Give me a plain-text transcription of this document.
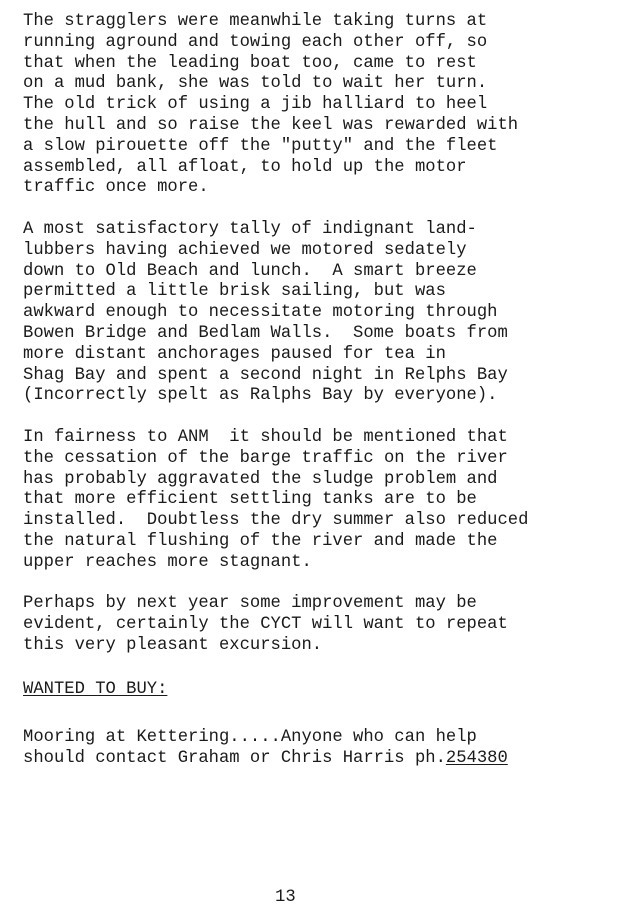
The stragglers were meanwhile taking turns at
running aground and towing each other off, so
that when the leading boat too, came to rest
on a mud bank, she was told to wait her turn.
The old trick of using a jib halliard to heel
the hull and so raise the keel was rewarded with
a slow pirouette off the "putty" and the fleet
assembled, all afloat, to hold up the motor
traffic once more.

A most satisfactory tally of indignant land-
lubbers having achieved we motored sedately
down to Old Beach and lunch.  A smart breeze
permitted a little brisk sailing, but was
awkward enough to necessitate motoring through
Bowen Bridge and Bedlam Walls.  Some boats from
more distant anchorages paused for tea in
Shag Bay and spent a second night in Relphs Bay
(Incorrectly spelt as Ralphs Bay by everyone).

In fairness to ANM  it should be mentioned that
the cessation of the barge traffic on the river
has probably aggravated the sludge problem and
that more efficient settling tanks are to be
installed.  Doubtless the dry summer also reduced
the natural flushing of the river and made the
upper reaches more stagnant.

Perhaps by next year some improvement may be
evident, certainly the CYCT will want to repeat
this very pleasant excursion.

WANTED TO BUY:

Mooring at Kettering.....Anyone who can help
should contact Graham or Chris Harris ph.254380

13
